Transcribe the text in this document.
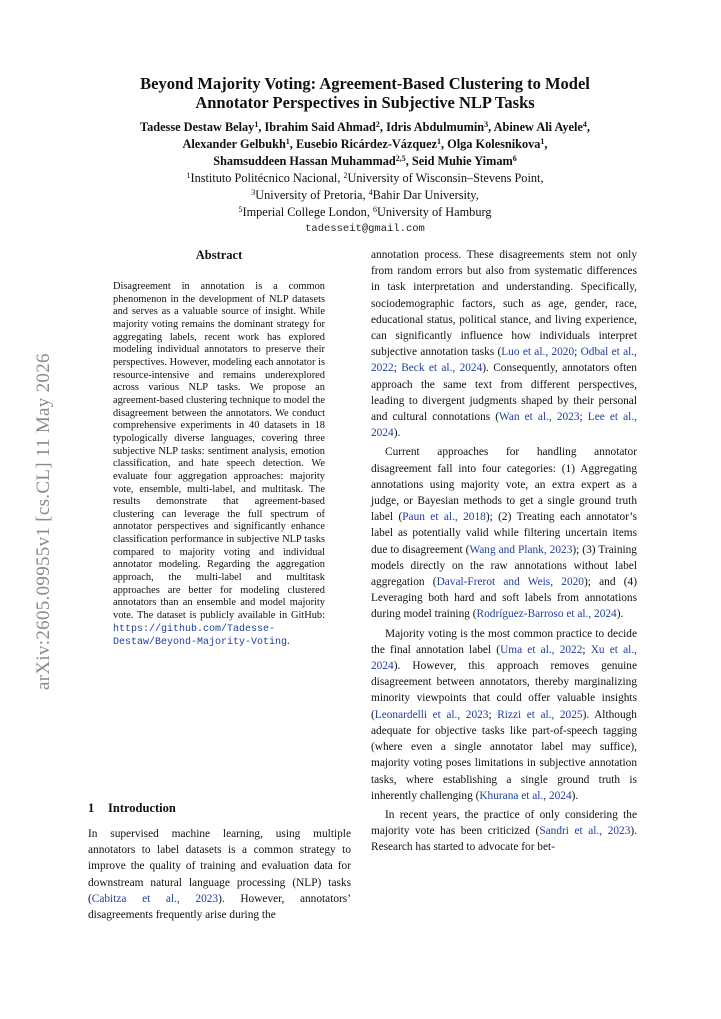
arXiv:2605.09955v1 [cs.CL] 11 May 2026
Beyond Majority Voting: Agreement-Based Clustering to Model
Annotator Perspectives in Subjective NLP Tasks
Tadesse Destaw Belay$^1$, Ibrahim Said Ahmad$^2$, Idris Abdulmumin$^3$, Abinew Ali Ayele$^4$,
Alexander Gelbukh$^1$, Eusebio Ricárdez-Vázquez$^1$, Olga Kolesnikova$^1$,
Shamsuddeen Hassan Muhammad$^{2,5}$, Seid Muhie Yimam$^6$
$^1$Instituto Politécnico Nacional, $^2$University of Wisconsin–Stevens Point,
$^3$University of Pretoria, $^4$Bahir Dar University,
$^5$Imperial College London, $^6$University of Hamburg
tadesseit@gmail.com
Abstract
Disagreement in annotation is a common phenomenon in the development of NLP datasets and serves as a valuable source of insight. While majority voting remains the dominant strategy for aggregating labels, recent work has explored modeling individual annotators to preserve their perspectives. However, modeling each annotator is resource-intensive and remains underexplored across various NLP tasks. We propose an agreement-based clustering technique to model the disagreement between the annotators. We conduct comprehensive experiments in 40 datasets in 18 typologically diverse languages, covering three subjective NLP tasks: sentiment analysis, emotion classification, and hate speech detection. We evaluate four aggregation approaches: majority vote, ensemble, multi-label, and multitask. The results demonstrate that agreement-based clustering can leverage the full spectrum of annotator perspectives and significantly enhance classification performance in subjective NLP tasks compared to majority voting and individual annotator modeling. Regarding the aggregation approach, the multi-label and multitask approaches are better for modeling clustered annotators than an ensemble and model majority vote. The dataset is publicly available in GitHub: https://github.com/Tadesse-Destaw/Beyond-Majority-Voting.
1 Introduction
In supervised machine learning, using multiple annotators to label datasets is a common strategy to improve the quality of training and evaluation data for downstream natural language processing (NLP) tasks (Cabitza et al., 2023). However, annotators’ disagreements frequently arise during the

annotation process. These disagreements stem not only from random errors but also from systematic differences in task interpretation and understanding. Specifically, sociodemographic factors, such as age, gender, race, educational status, political stance, and living experience, can significantly influence how individuals interpret subjective annotation tasks (Luo et al., 2020; Odbal et al., 2022; Beck et al., 2024). Consequently, annotators often approach the same text from different perspectives, leading to divergent judgments shaped by their personal and cultural connotations (Wan et al., 2023; Lee et al., 2024).

Current approaches for handling annotator disagreement fall into four categories: (1) Aggregating annotations using majority vote, an extra expert as a judge, or Bayesian methods to get a single ground truth label (Paun et al., 2018); (2) Treating each annotator’s label as potentially valid while filtering uncertain items due to disagreement (Wang and Plank, 2023); (3) Training models directly on the raw annotations without label aggregation (Daval-Frerot and Weis, 2020); and (4) Leveraging both hard and soft labels from annotations during model training (Rodríguez-Barroso et al., 2024).

Majority voting is the most common practice to decide the final annotation label (Uma et al., 2022; Xu et al., 2024). However, this approach removes genuine disagreement between annotators, thereby marginalizing minority viewpoints that could offer valuable insights (Leonardelli et al., 2023; Rizzi et al., 2025). Although adequate for objective tasks like part-of-speech tagging (where even a single annotator label may suffice), majority voting poses limitations in subjective annotation tasks, where establishing a single ground truth is inherently challenging (Khurana et al., 2024).

In recent years, the practice of only considering the majority vote has been criticized (Sandri et al., 2023). Research has started to advocate for bet-
